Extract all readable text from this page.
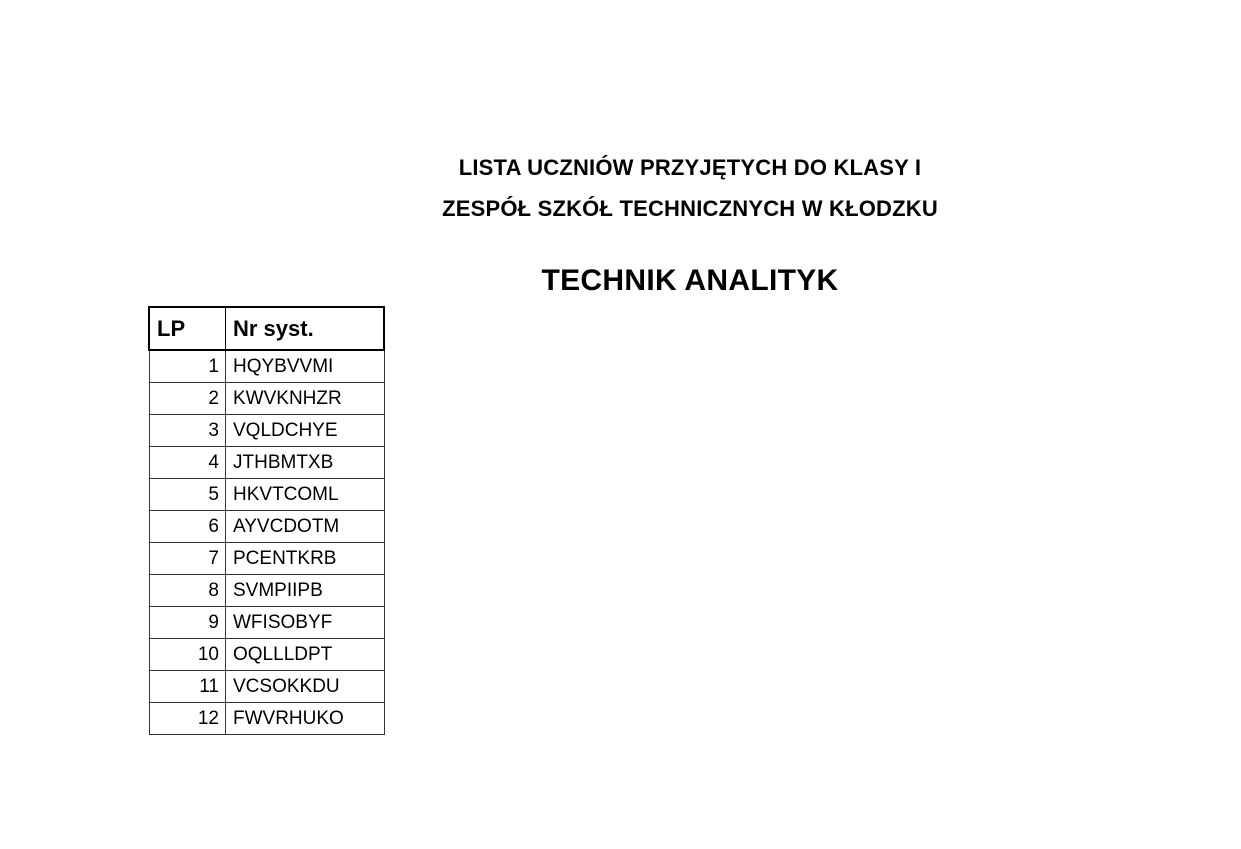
LISTA UCZNIÓW PRZYJĘTYCH DO KLASY I
ZESPÓŁ SZKÓŁ TECHNICZNYCH W KŁODZKU
TECHNIK ANALITYK
LP	Nr syst.
1	HQYBVVMI
2	KWVKNHZR
3	VQLDCHYE
4	JTHBMTXB
5	HKVTCOML
6	AYVCDOTM
7	PCENTKRB
8	SVMPIIPB
9	WFISOBYF
10	OQLLLDPT
11	VCSOKKDU
12	FWVRHUKO
